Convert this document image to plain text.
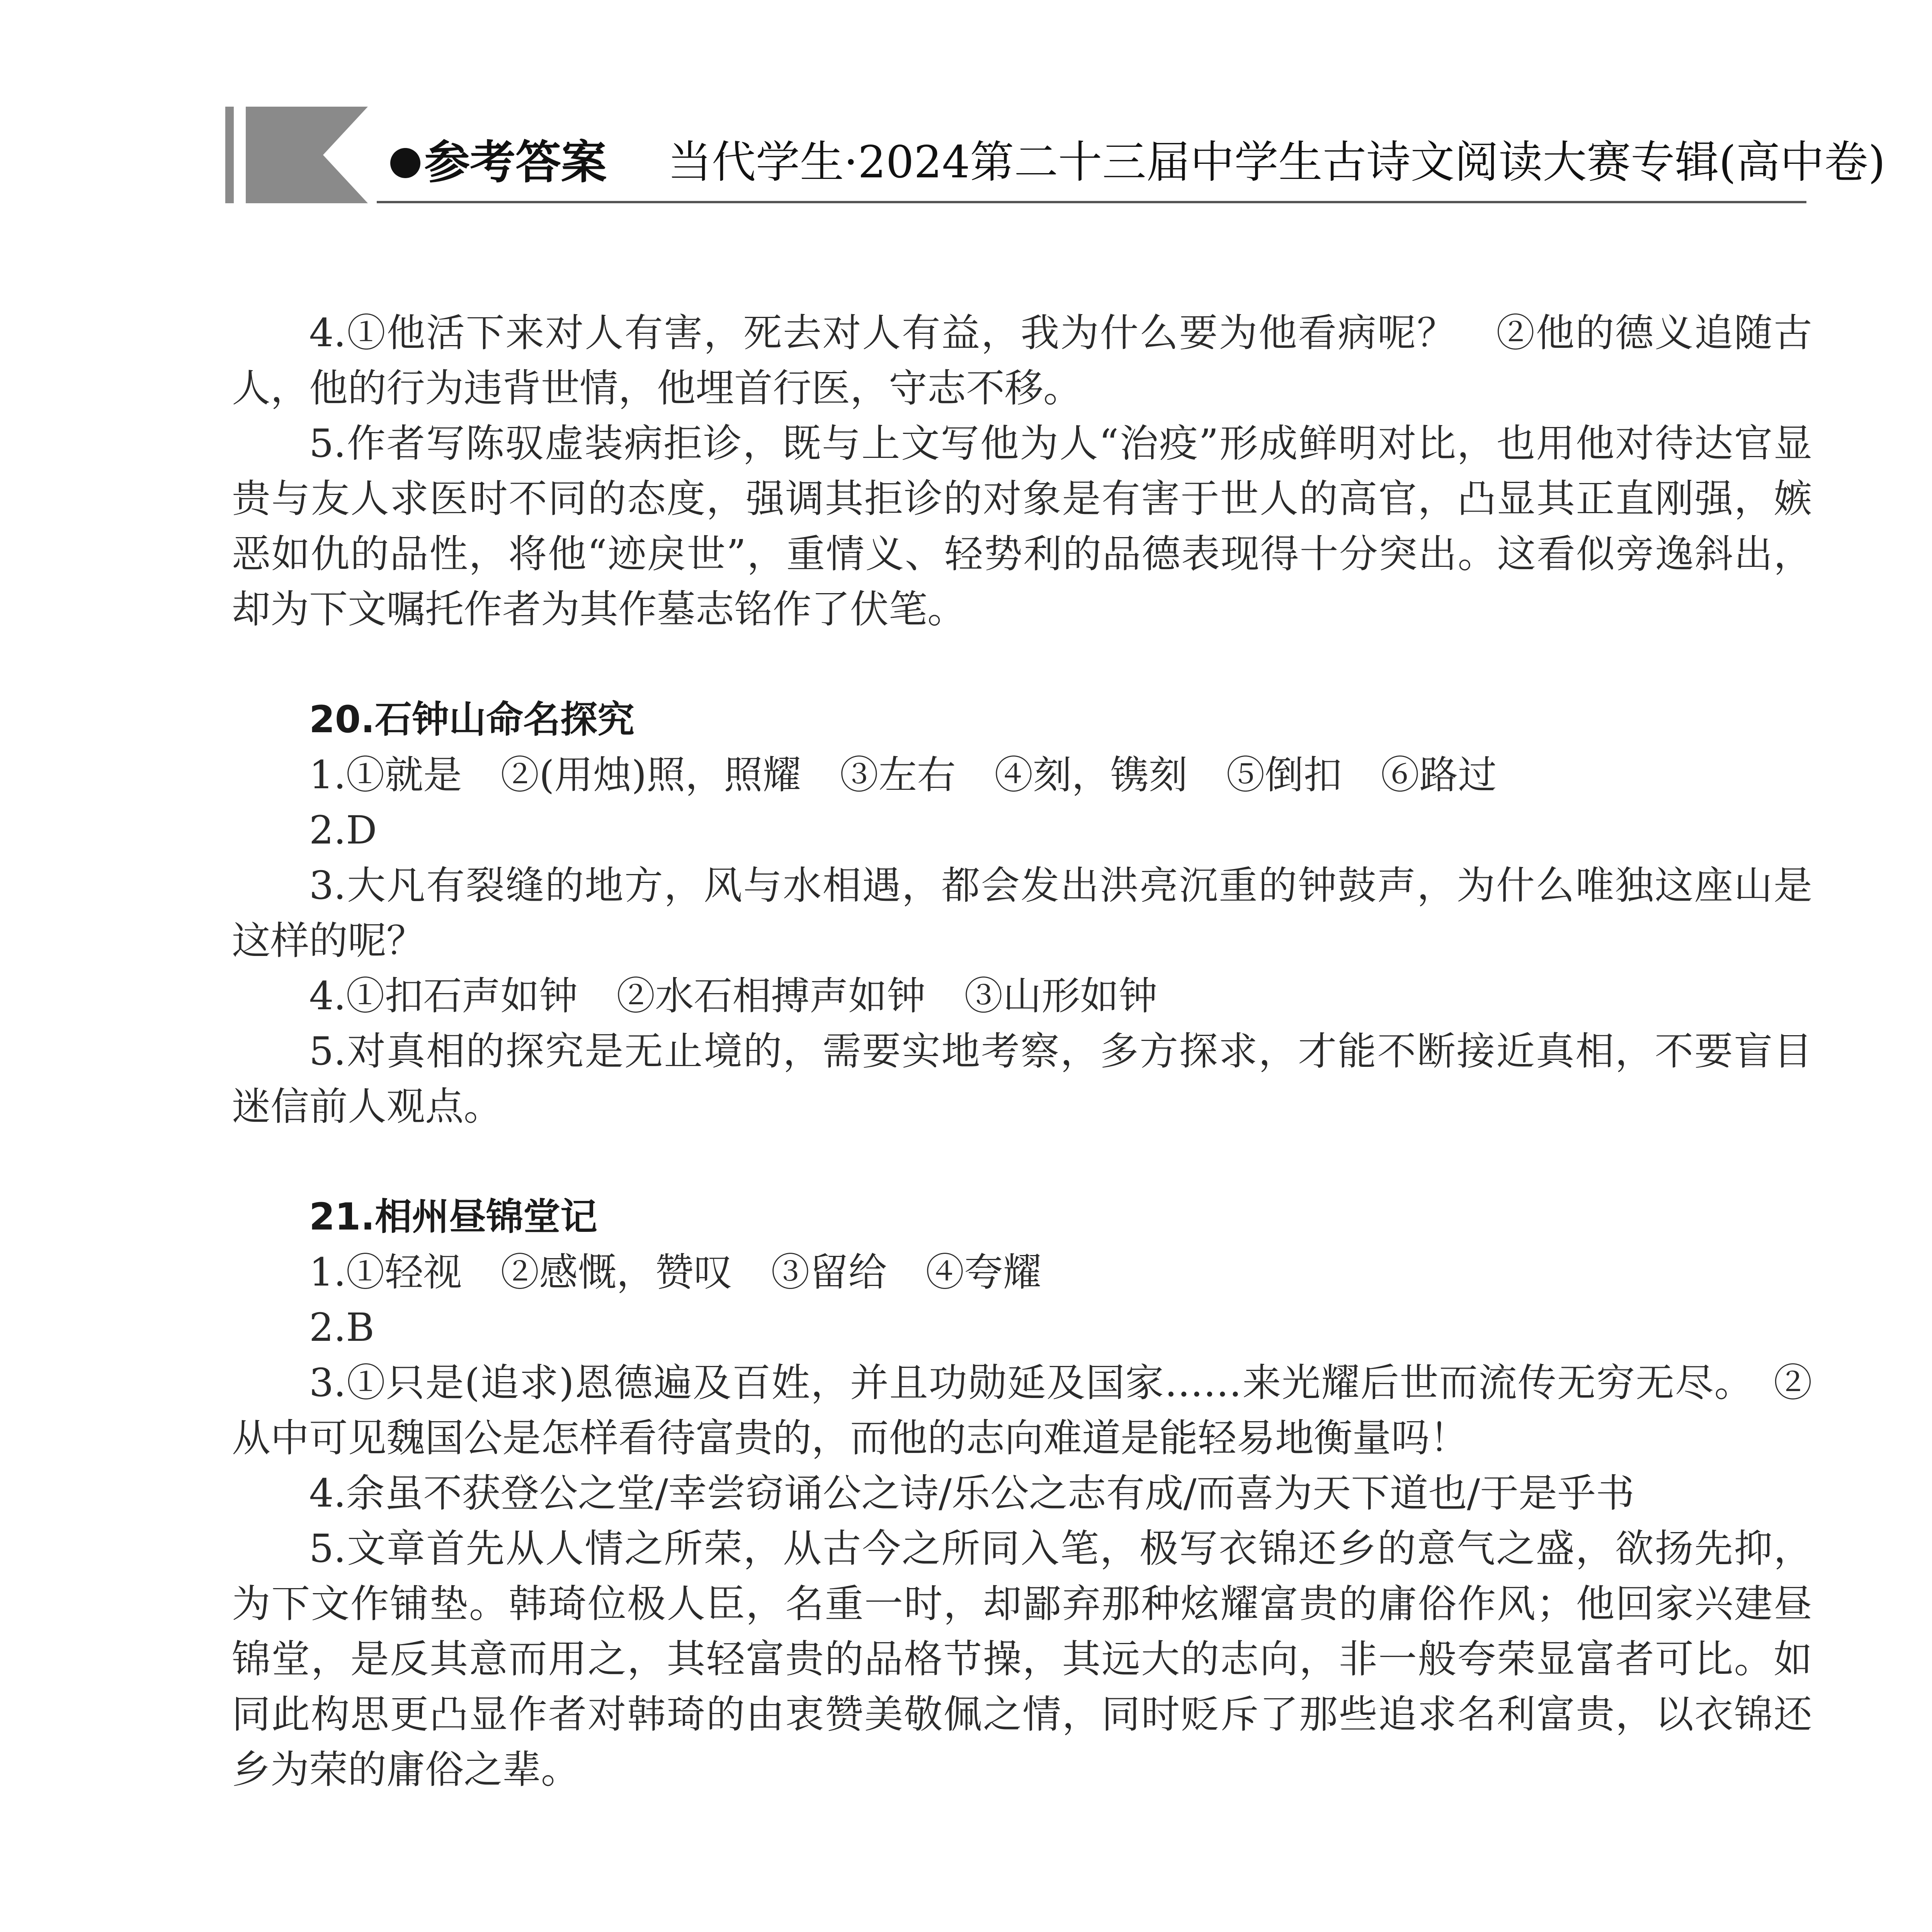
参考答案 当代学生·2024第二十三届中学生古诗文阅读大赛专辑(高中卷)

4.①他活下来对人有害，死去对人有益，我为什么要为他看病呢？　②他的德义追随古人，他的行为违背世情，他埋首行医，守志不移。

5.作者写陈驭虚装病拒诊，既与上文写他为人“治疫”形成鲜明对比，也用他对待达官显贵与友人求医时不同的态度，强调其拒诊的对象是有害于世人的高官，凸显其正直刚强，嫉恶如仇的品性，将他“迹戾世”，重情义、轻势利的品德表现得十分突出。这看似旁逸斜出，却为下文嘱托作者为其作墓志铭作了伏笔。

20.石钟山命名探究

1.①就是　②(用烛)照，照耀　③左右　④刻，镌刻　⑤倒扣　⑥路过

2.D

3.大凡有裂缝的地方，风与水相遇，都会发出洪亮沉重的钟鼓声，为什么唯独这座山是这样的呢？

4.①扣石声如钟　②水石相搏声如钟　③山形如钟

5.对真相的探究是无止境的，需要实地考察，多方探求，才能不断接近真相，不要盲目迷信前人观点。

21.相州昼锦堂记

1.①轻视　②感慨，赞叹　③留给　④夸耀

2.B

3.①只是(追求)恩德遍及百姓，并且功勋延及国家……来光耀后世而流传无穷无尽。　②从中可见魏国公是怎样看待富贵的，而他的志向难道是能轻易地衡量吗！

4.余虽不获登公之堂/幸尝窃诵公之诗/乐公之志有成/而喜为天下道也/于是乎书

5.文章首先从人情之所荣，从古今之所同入笔，极写衣锦还乡的意气之盛，欲扬先抑，为下文作铺垫。韩琦位极人臣，名重一时，却鄙弃那种炫耀富贵的庸俗作风；他回家兴建昼锦堂，是反其意而用之，其轻富贵的品格节操，其远大的志向，非一般夸荣显富者可比。如同此构思更凸显作者对韩琦的由衷赞美敬佩之情，同时贬斥了那些追求名利富贵，以衣锦还乡为荣的庸俗之辈。
